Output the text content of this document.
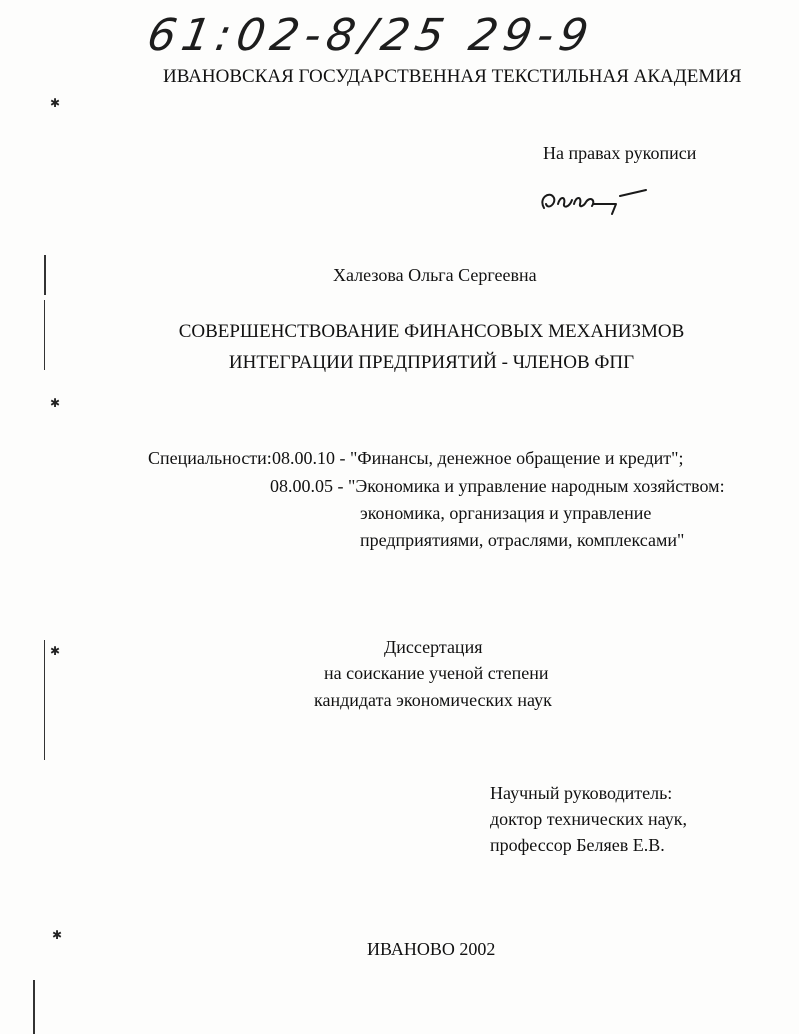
61:02-8/25 29-9
ИВАНОВСКАЯ ГОСУДАРСТВЕННАЯ ТЕКСТИЛЬНАЯ АКАДЕМИЯ
На правах рукописи
Халезова Ольга Сергеевна
СОВЕРШЕНСТВОВАНИЕ ФИНАНСОВЫХ МЕХАНИЗМОВ
ИНТЕГРАЦИИ ПРЕДПРИЯТИЙ - ЧЛЕНОВ ФПГ
Специальности: 08.00.10 - "Финансы, денежное обращение и кредит";
08.00.05 - "Экономика и управление народным хозяйством:
экономика, организация и управление
предприятиями, отраслями, комплексами"
Диссертация
на соискание ученой степени
кандидата экономических наук
Научный руководитель:
доктор технических наук,
профессор Беляев Е.В.
ИВАНОВО 2002
✱
✱
✱
✱
